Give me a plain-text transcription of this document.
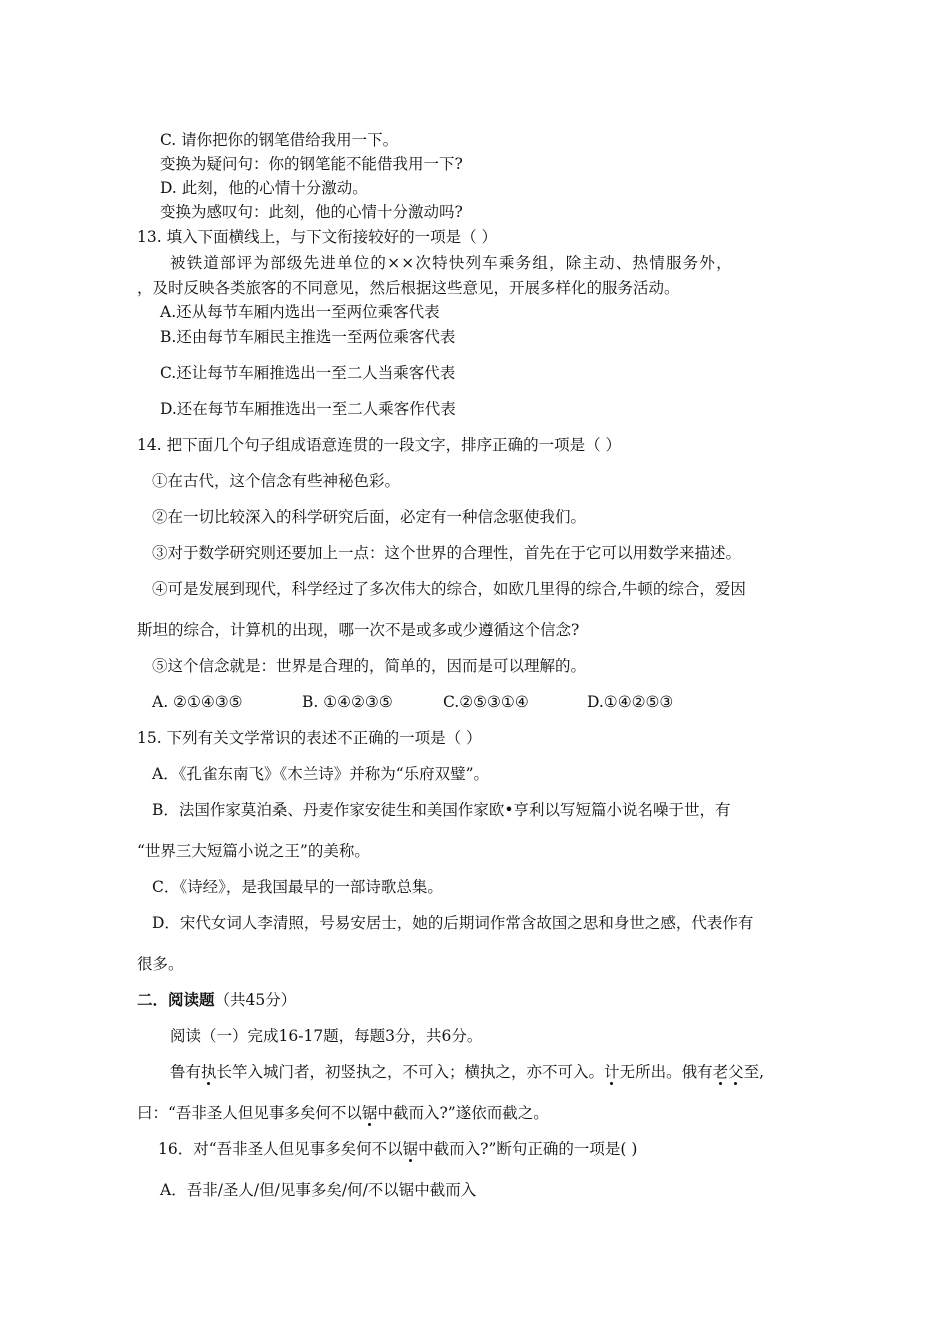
C. 请你把你的钢笔借给我用一下。
变换为疑问句：你的钢笔能不能借我用一下?
D. 此刻，他的心情十分激动。
变换为感叹句：此刻，他的心情十分激动吗?
13. 填入下面横线上，与下文衔接较好的一项是（ ）
被铁道部评为部级先进单位的××次特快列车乘务组，除主动、热情服务外，
，及时反映各类旅客的不同意见，然后根据这些意见，开展多样化的服务活动。
A.还从每节车厢内选出一至两位乘客代表
B.还由每节车厢民主推选一至两位乘客代表
C.还让每节车厢推选出一至二人当乘客代表
D.还在每节车厢推选出一至二人乘客作代表
14. 把下面几个句子组成语意连贯的一段文字，排序正确的一项是（ ）
①在古代，这个信念有些神秘色彩。
②在一切比较深入的科学研究后面，必定有一种信念驱使我们。
③对于数学研究则还要加上一点：这个世界的合理性，首先在于它可以用数学来描述。
④可是发展到现代，科学经过了多次伟大的综合，如欧几里得的综合,牛顿的综合，爱因
斯坦的综合，计算机的出现，哪一次不是或多或少遵循这个信念?
⑤这个信念就是：世界是合理的，简单的，因而是可以理解的。
A. ②①④③⑤	B. ①④②③⑤	C.②⑤③①④	D.①④②⑤③
15. 下列有关文学常识的表述不正确的一项是（ ）
A．《孔雀东南飞》《木兰诗》并称为“乐府双璧”。
B．法国作家莫泊桑、丹麦作家安徒生和美国作家欧•亨利以写短篇小说名噪于世，有
“世界三大短篇小说之王”的美称。
C．《诗经》，是我国最早的一部诗歌总集。
D．宋代女词人李清照，号易安居士，她的后期词作常含故国之思和身世之感，代表作有
很多。
二．阅读题（共45分）
阅读（一）完成16-17题，每题3分，共6分。
鲁有执长竿入城门者，初竖执之，不可入；横执之，亦不可入。计无所出。俄有老父至,
曰：“吾非圣人但见事多矣何不以锯中截而入?”遂依而截之。
16．对“吾非圣人但见事多矣何不以锯中截而入?”断句正确的一项是( )
A．吾非/圣人/但/见事多矣/何/不以锯中截而入
